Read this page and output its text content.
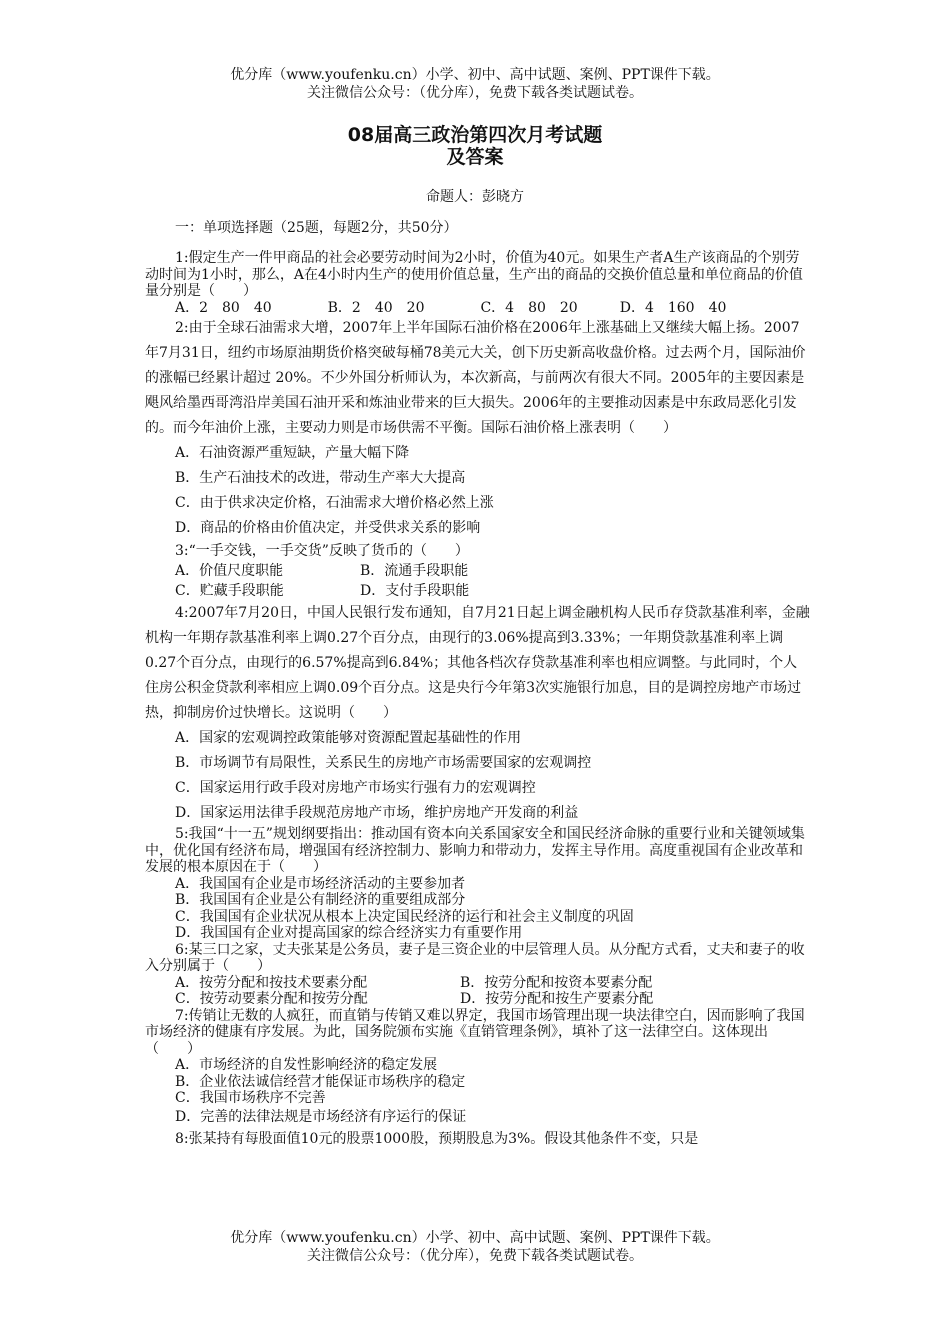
优分库（www.youfenku.cn）小学、初中、高中试题、案例、PPT课件下载。
关注微信公众号：（优分库），免费下载各类试题试卷。
08届高三政治第四次月考试题
及答案
命题人：彭晓方

一：单项选择题（25题，每题2分，共50分）

1:假定生产一件甲商品的社会必要劳动时间为2小时，价值为40元。如果生产者A生产该商品的个别劳动时间为1小时，那么，A在4小时内生产的使用价值总量，生产出的商品的交换价值总量和单位商品的价值量分别是（　　）

A．2　80　40　　　　B．2　40　20　　　　C．4　80　20　　　D．4　160　40

2:由于全球石油需求大增，2007年上半年国际石油价格在2006年上涨基础上又继续大幅上扬。2007年7月31日，纽约市场原油期货价格突破每桶78美元大关，创下历史新高收盘价格。过去两个月，国际油价的涨幅已经累计超过 20%。不少外国分析师认为，本次新高，与前两次有很大不同。2005年的主要因素是飓风给墨西哥湾沿岸美国石油开采和炼油业带来的巨大损失。2006年的主要推动因素是中东政局恶化引发的。而今年油价上涨，主要动力则是市场供需不平衡。国际石油价格上涨表明（　　）

A．石油资源严重短缺，产量大幅下降

B．生产石油技术的改进，带动生产率大大提高

C．由于供求决定价格，石油需求大增价格必然上涨

D．商品的价格由价值决定，并受供求关系的影响

3:“一手交钱，一手交货”反映了货币的（　　）

A．价值尺度职能	B．流通手段职能

C．贮藏手段职能	D．支付手段职能

4:2007年7月20日，中国人民银行发布通知，自7月21日起上调金融机构人民币存贷款基准利率，金融机构一年期存款基准利率上调0.27个百分点，由现行的3.06%提高到3.33%；一年期贷款基准利率上调0.27个百分点，由现行的6.57%提高到6.84%；其他各档次存贷款基准利率也相应调整。与此同时，个人住房公积金贷款利率相应上调0.09个百分点。这是央行今年第3次实施银行加息，目的是调控房地产市场过热，抑制房价过快增长。这说明（　　）

A．国家的宏观调控政策能够对资源配置起基础性的作用

B．市场调节有局限性，关系民生的房地产市场需要国家的宏观调控

C．国家运用行政手段对房地产市场实行强有力的宏观调控

D．国家运用法律手段规范房地产市场，维护房地产开发商的利益

5:我国“十一五”规划纲要指出：推动国有资本向关系国家安全和国民经济命脉的重要行业和关键领域集中，优化国有经济布局，增强国有经济控制力、影响力和带动力，发挥主导作用。高度重视国有企业改革和发展的根本原因在于（　　）

A．我国国有企业是市场经济活动的主要参加者

B．我国国有企业是公有制经济的重要组成部分

C．我国国有企业状况从根本上决定国民经济的运行和社会主义制度的巩固

D．我国国有企业对提高国家的综合经济实力有重要作用

6:某三口之家，丈夫张某是公务员，妻子是三资企业的中层管理人员。从分配方式看，丈夫和妻子的收入分别属于（　　）

A．按劳分配和按技术要素分配	B．按劳分配和按资本要素分配

C．按劳动要素分配和按劳分配	D．按劳分配和按生产要素分配

7:传销让无数的人疯狂，而直销与传销又难以界定，我国市场管理出现一块法律空白，因而影响了我国市场经济的健康有序发展。为此，国务院颁布实施《直销管理条例》，填补了这一法律空白。这体现出（　　）

A．市场经济的自发性影响经济的稳定发展

B．企业依法诚信经营才能保证市场秩序的稳定

C．我国市场秩序不完善

D．完善的法律法规是市场经济有序运行的保证

8:张某持有每股面值10元的股票1000股，预期股息为3%。假设其他条件不变，只是

优分库（www.youfenku.cn）小学、初中、高中试题、案例、PPT课件下载。
关注微信公众号：（优分库），免费下载各类试题试卷。
